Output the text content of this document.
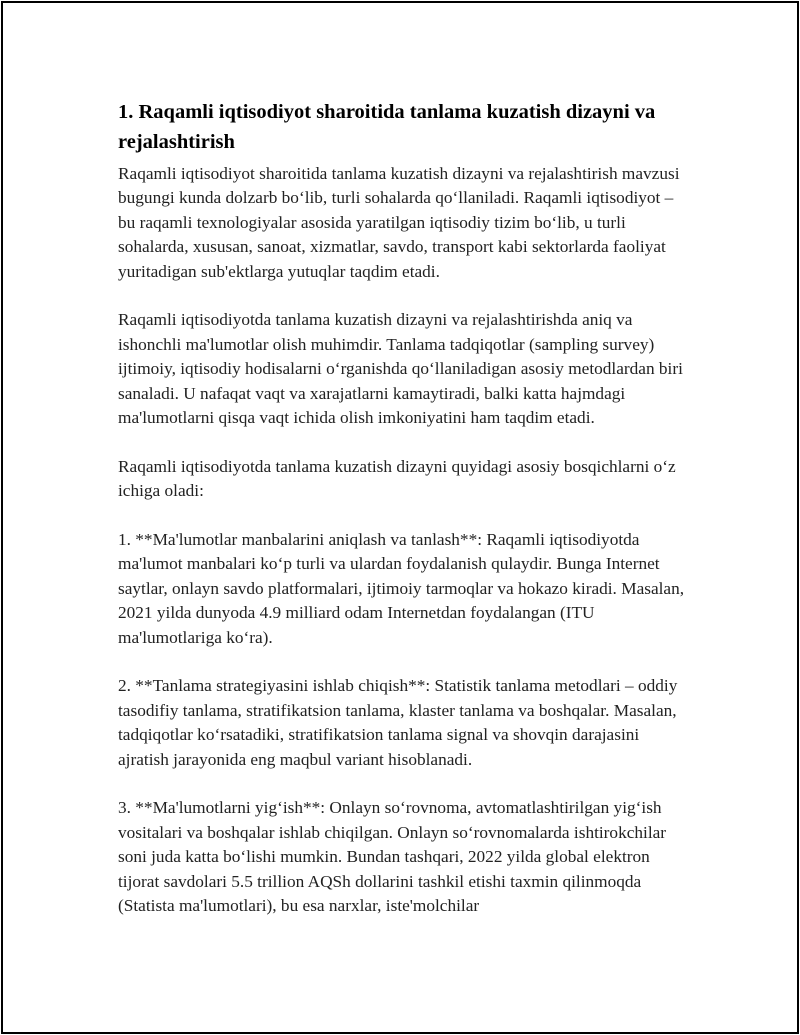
1. Raqamli iqtisodiyot sharoitida tanlama kuzatish dizayni va rejalashtirish

Raqamli iqtisodiyot sharoitida tanlama kuzatish dizayni va rejalashtirish mavzusi bugungi kunda dolzarb bo‘lib, turli sohalarda qo‘llaniladi. Raqamli iqtisodiyot – bu raqamli texnologiyalar asosida yaratilgan iqtisodiy tizim bo‘lib, u turli sohalarda, xususan, sanoat, xizmatlar, savdo, transport kabi sektorlarda faoliyat yuritadigan sub'ektlarga yutuqlar taqdim etadi.

Raqamli iqtisodiyotda tanlama kuzatish dizayni va rejalashtirishda aniq va ishonchli ma'lumotlar olish muhimdir. Tanlama tadqiqotlar (sampling survey) ijtimoiy, iqtisodiy hodisalarni o‘rganishda qo‘llaniladigan asosiy metodlardan biri sanaladi. U nafaqat vaqt va xarajatlarni kamaytiradi, balki katta hajmdagi ma'lumotlarni qisqa vaqt ichida olish imkoniyatini ham taqdim etadi.

Raqamli iqtisodiyotda tanlama kuzatish dizayni quyidagi asosiy bosqichlarni o‘z ichiga oladi:

1. **Ma'lumotlar manbalarini aniqlash va tanlash**: Raqamli iqtisodiyotda ma'lumot manbalari ko‘p turli va ulardan foydalanish qulaydir. Bunga Internet saytlar, onlayn savdo platformalari, ijtimoiy tarmoqlar va hokazo kiradi. Masalan, 2021 yilda dunyoda 4.9 milliard odam Internetdan foydalangan (ITU ma'lumotlariga ko‘ra).

2. **Tanlama strategiyasini ishlab chiqish**: Statistik tanlama metodlari – oddiy tasodifiy tanlama, stratifikatsion tanlama, klaster tanlama va boshqalar. Masalan, tadqiqotlar ko‘rsatadiki, stratifikatsion tanlama signal va shovqin darajasini ajratish jarayonida eng maqbul variant hisoblanadi.

3. **Ma'lumotlarni yig‘ish**: Onlayn so‘rovnoma, avtomatlashtirilgan yig‘ish vositalari va boshqalar ishlab chiqilgan. Onlayn so‘rovnomalarda ishtirokchilar soni juda katta bo‘lishi mumkin. Bundan tashqari, 2022 yilda global elektron tijorat savdolari 5.5 trillion AQSh dollarini tashkil etishi taxmin qilinmoqda (Statista ma'lumotlari), bu esa narxlar, iste'molchilar
